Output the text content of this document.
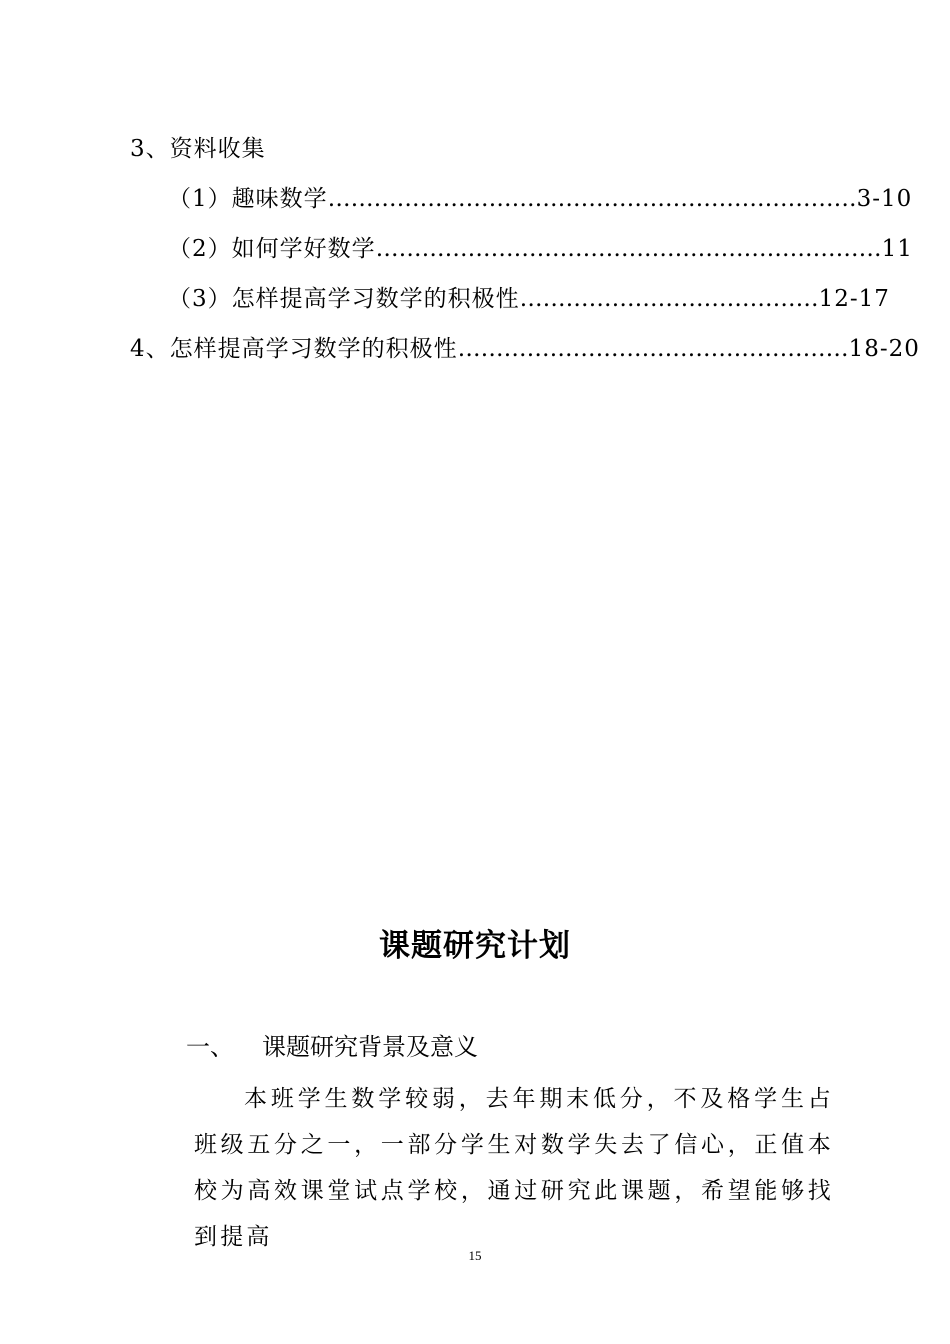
3、资料收集
（1）趣味数学……………………………………………………………3-10
（2）如何学好数学…………………………………………………………11
（3）怎样提高学习数学的积极性…………………………………12-17
4、怎样提高学习数学的积极性……………………………………………18-20
课题研究计划
一、 课题研究背景及意义

本班学生数学较弱，去年期末低分，不及格学生占班级五分之一，一部分学生对数学失去了信心，正值本校为高效课堂试点学校，通过研究此课题，希望能够找到提高

15
